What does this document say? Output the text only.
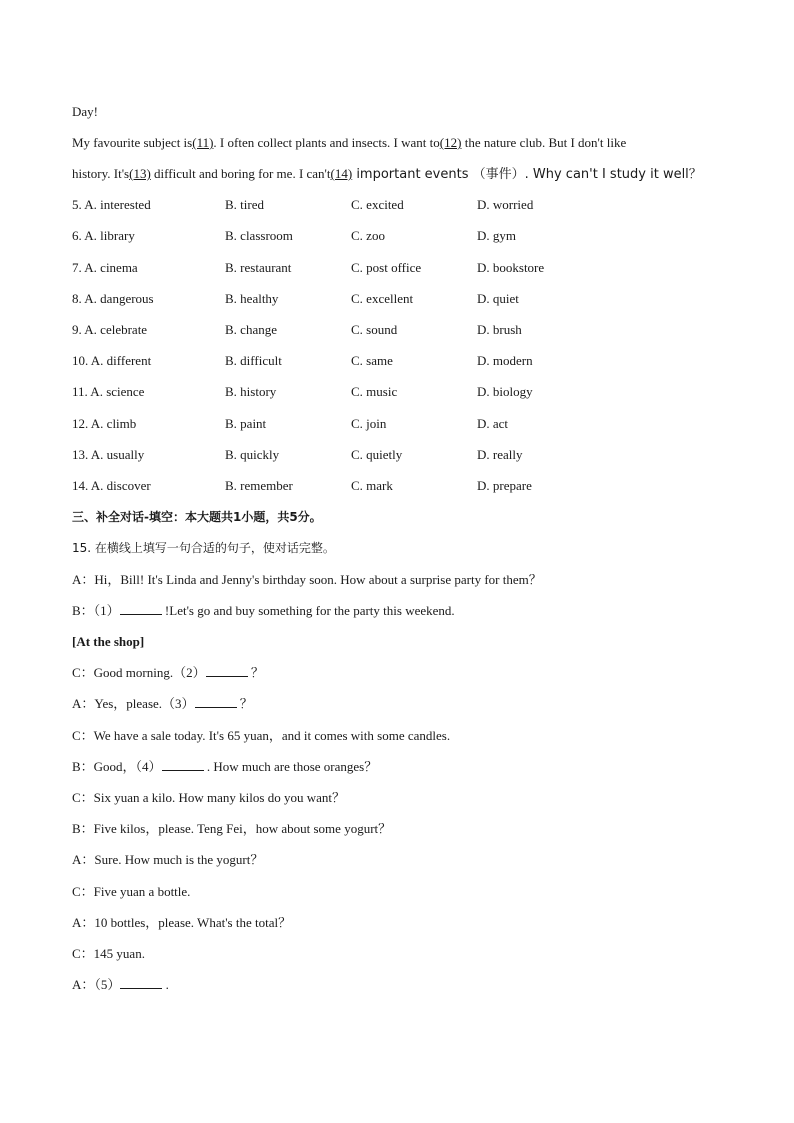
Day!
My favourite subject is(11). I often collect plants and insects. I want to(12) the nature club. But I don't like
history. It's(13) difficult and boring for me. I can't(14) important events （事件）. Why can't I study it well？
5. A. interested	B. tired	C. excited	D. worried
6. A. library	B. classroom	C. zoo	D. gym
7. A. cinema	B. restaurant	C. post office	D. bookstore
8. A. dangerous	B. healthy	C. excellent	D. quiet
9. A. celebrate	B. change	C. sound	D. brush
10. A. different	B. difficult	C. same	D. modern
11. A. science	B. history	C. music	D. biology
12. A. climb	B. paint	C. join	D. act
13. A. usually	B. quickly	C. quietly	D. really
14. A. discover	B. remember	C. mark	D. prepare
三、补全对话-填空：本大题共1小题，共5分。
15. 在横线上填写一句合适的句子，使对话完整。
A：Hi，Bill! It's Linda and Jenny's birthday soon. How about a surprise party for them？
B：（1）	!Let's go and buy something for the party this weekend.
[At the shop]
C：Good morning.（2）	？
A：Yes，please.（3）	？
C：We have a sale today. It's 65 yuan，and it comes with some candles.
B：Good，（4）	. How much are those oranges？
C：Six yuan a kilo. How many kilos do you want？
B：Five kilos，please. Teng Fei，how about some yogurt？
A：Sure. How much is the yogurt？
C：Five yuan a bottle.
A：10 bottles，please. What's the total？
C：145 yuan.
A：（5）	.
